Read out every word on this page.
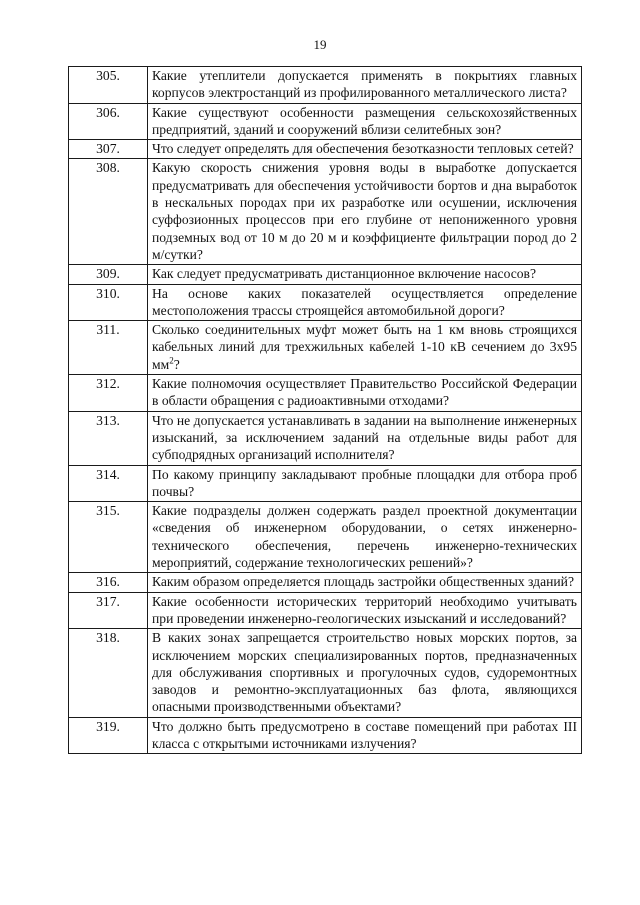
19
305.	Какие утеплители допускается применять в покрытиях главных корпусов электростанций из профилированного металлического листа?
306.	Какие существуют особенности размещения сельскохозяйственных предприятий, зданий и сооружений вблизи селитебных зон?
307.	Что следует определять для обеспечения безотказности тепловых сетей?
308.	Какую скорость снижения уровня воды в выработке допускается предусматривать для обеспечения устойчивости бортов и дна выработок в нескальных породах при их разработке или осушении, исключения суффозионных процессов при его глубине от непониженного уровня подземных вод от 10 м до 20 м и коэффициенте фильтрации пород до 2 м/сутки?
309.	Как следует предусматривать дистанционное включение насосов?
310.	На основе каких показателей осуществляется определение местоположения трассы строящейся автомобильной дороги?
311.	Сколько соединительных муфт может быть на 1 км вновь строящихся кабельных линий для трехжильных кабелей 1-10 кВ сечением до 3х95 $мм^2$?
312.	Какие полномочия осуществляет Правительство Российской Федерации в области обращения с радиоактивными отходами?
313.	Что не допускается устанавливать в задании на выполнение инженерных изысканий, за исключением заданий на отдельные виды работ для субподрядных организаций исполнителя?
314.	По какому принципу закладывают пробные площадки для отбора проб почвы?
315.	Какие подразделы должен содержать раздел проектной документации «сведения об инженерном оборудовании, о сетях инженерно-технического обеспечения, перечень инженерно-технических мероприятий, содержание технологических решений»?
316.	Каким образом определяется площадь застройки общественных зданий?
317.	Какие особенности исторических территорий необходимо учитывать при проведении инженерно-геологических изысканий и исследований?
318.	В каких зонах запрещается строительство новых морских портов, за исключением морских специализированных портов, предназначенных для обслуживания спортивных и прогулочных судов, судоремонтных заводов и ремонтно-эксплуатационных баз флота, являющихся опасными производственными объектами?
319.	Что должно быть предусмотрено в составе помещений при работах III класса с открытыми источниками излучения?
